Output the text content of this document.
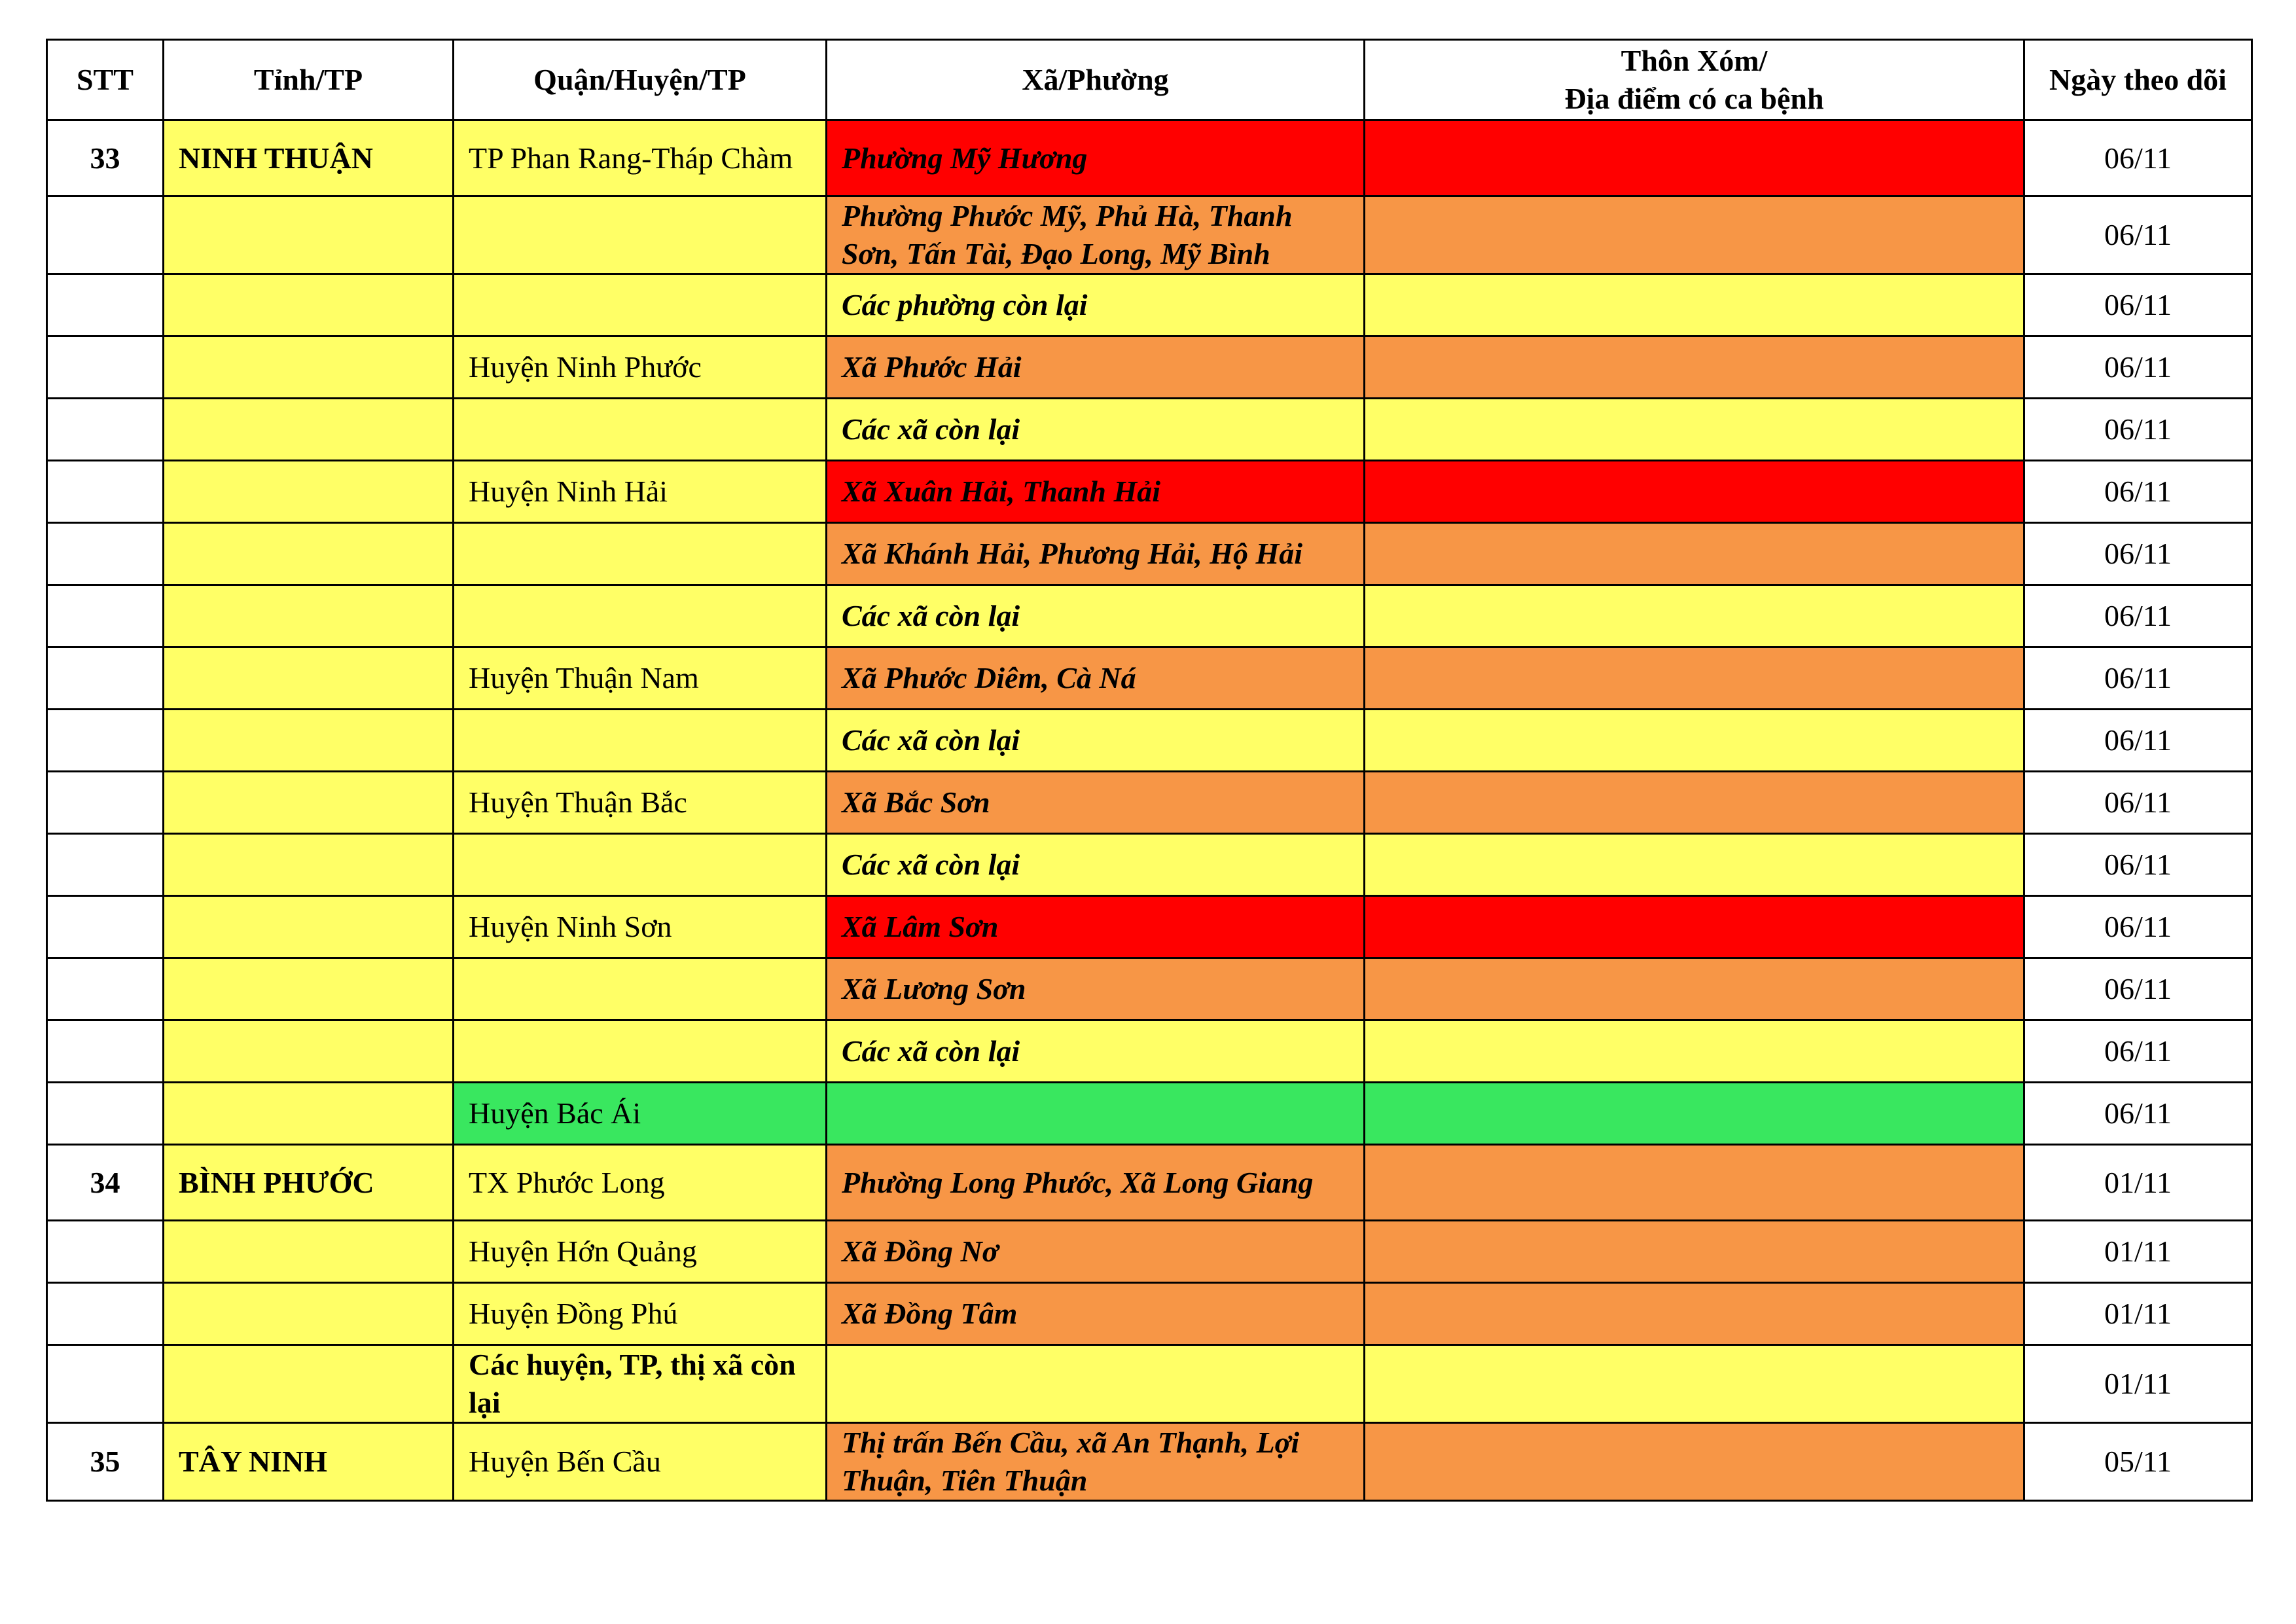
STT	Tỉnh/TP	Quận/Huyện/TP	Xã/Phường	Thôn Xóm/
Địa điểm có ca bệnh	Ngày theo dõi
33	NINH THUẬN	TP Phan Rang-Tháp Chàm	Phường Mỹ Hương		06/11
			Phường Phước Mỹ, Phủ Hà, Thanh Sơn, Tấn Tài, Đạo Long, Mỹ Bình		06/11
			Các phường còn lại		06/11
		Huyện Ninh Phước	Xã Phước Hải		06/11
			Các xã còn lại		06/11
		Huyện Ninh Hải	Xã Xuân Hải, Thanh Hải		06/11
			Xã Khánh Hải, Phương Hải, Hộ Hải		06/11
			Các xã còn lại		06/11
		Huyện Thuận Nam	Xã Phước Diêm, Cà Ná		06/11
			Các xã còn lại		06/11
		Huyện Thuận Bắc	Xã Bắc Sơn		06/11
			Các xã còn lại		06/11
		Huyện Ninh Sơn	Xã Lâm Sơn		06/11
			Xã Lương Sơn		06/11
			Các xã còn lại		06/11
		Huyện Bác Ái			06/11
34	BÌNH PHƯỚC	TX Phước Long	Phường Long Phước, Xã Long Giang		01/11
		Huyện Hớn Quảng	Xã Đồng Nơ		01/11
		Huyện Đồng Phú	Xã Đồng Tâm		01/11
		Các huyện, TP, thị xã còn lại			01/11
35	TÂY NINH	Huyện Bến Cầu	Thị trấn Bến Cầu, xã An Thạnh, Lợi Thuận, Tiên Thuận		05/11
